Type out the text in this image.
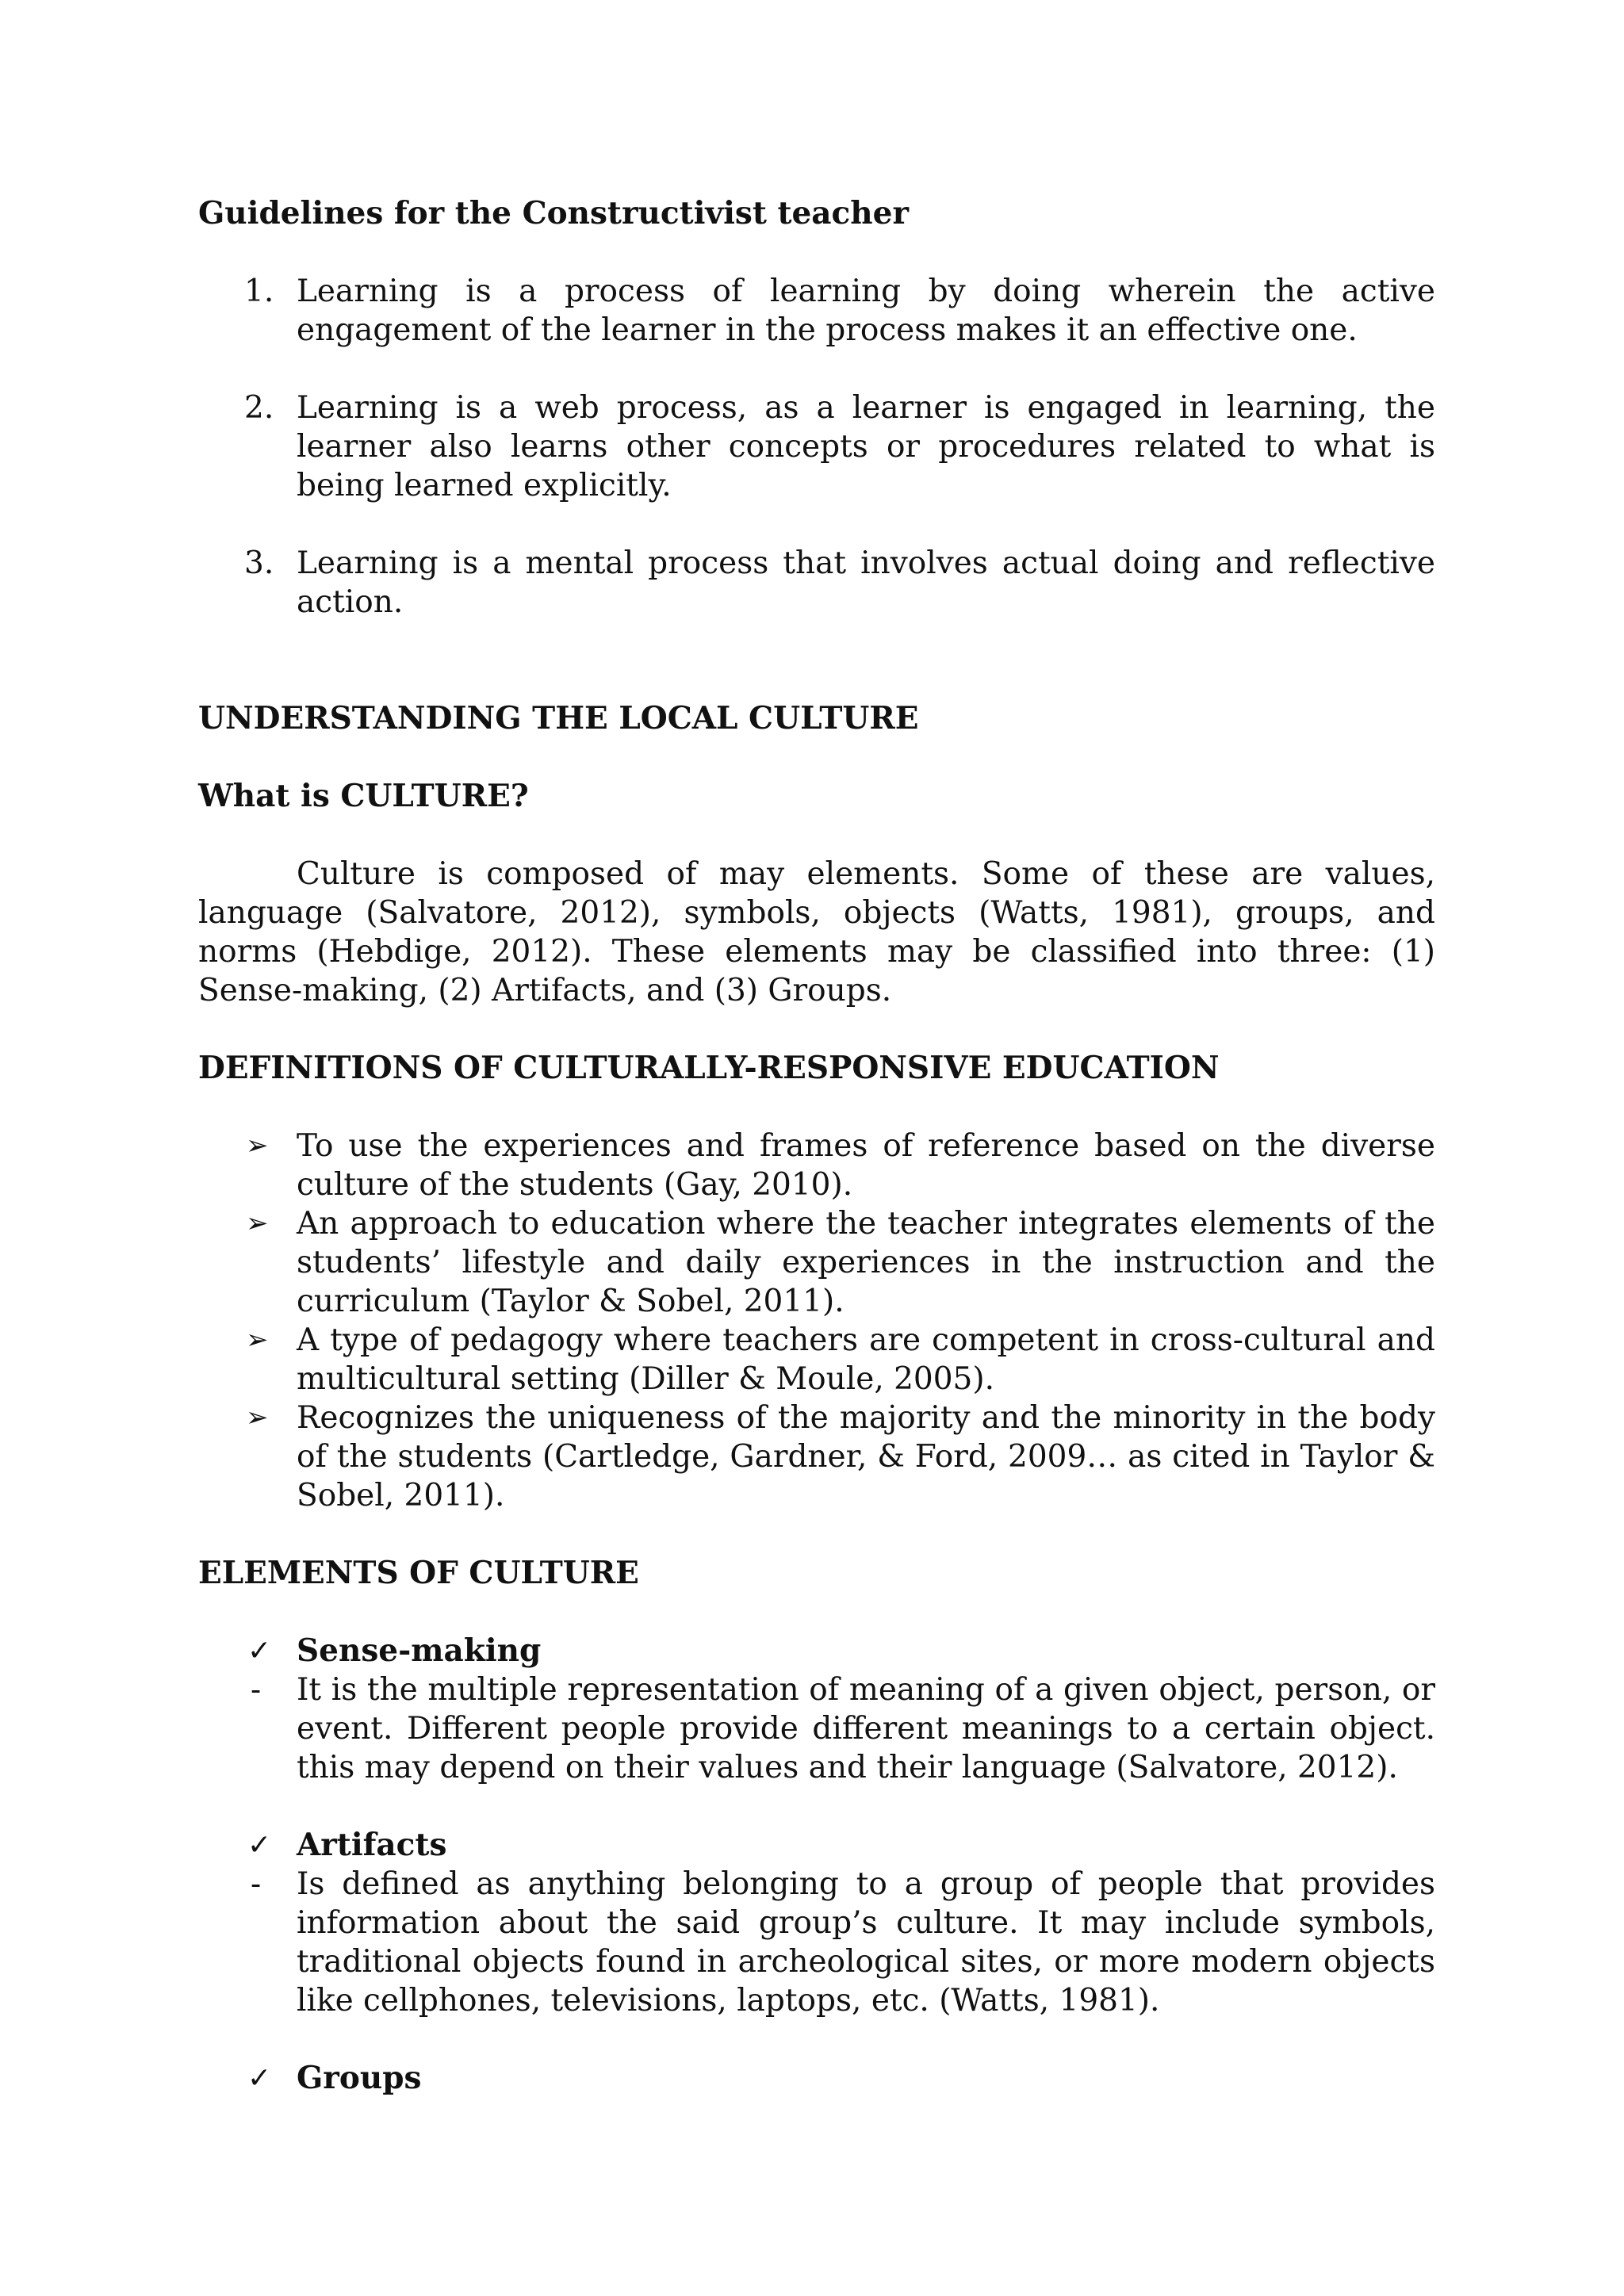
Guidelines for the Constructivist teacher

1. Learning is a process of learning by doing wherein the active engagement of the learner in the process makes it an effective one.

2. Learning is a web process, as a learner is engaged in learning, the learner also learns other concepts or procedures related to what is being learned explicitly.

3. Learning is a mental process that involves actual doing and reflective action.

UNDERSTANDING THE LOCAL CULTURE

What is CULTURE?

Culture is composed of may elements. Some of these are values, language (Salvatore, 2012), symbols, objects (Watts, 1981), groups, and norms (Hebdige, 2012). These elements may be classified into three: (1) Sense-making, (2) Artifacts, and (3) Groups.

DEFINITIONS OF CULTURALLY-RESPONSIVE EDUCATION

➢ To use the experiences and frames of reference based on the diverse culture of the students (Gay, 2010).

➢ An approach to education where the teacher integrates elements of the students’ lifestyle and daily experiences in the instruction and the curriculum (Taylor & Sobel, 2011).

➢ A type of pedagogy where teachers are competent in cross-cultural and multicultural setting (Diller & Moule, 2005).

➢ Recognizes the uniqueness of the majority and the minority in the body of the students (Cartledge, Gardner, & Ford, 2009… as cited in Taylor & Sobel, 2011).

ELEMENTS OF CULTURE

✓ Sense-making
-	It is the multiple representation of meaning of a given object, person, or event. Different people provide different meanings to a certain object. this may depend on their values and their language (Salvatore, 2012).

✓ Artifacts
-	Is defined as anything belonging to a group of people that provides information about the said group’s culture. It may include symbols, traditional objects found in archeological sites, or more modern objects like cellphones, televisions, laptops, etc. (Watts, 1981).

✓ Groups
